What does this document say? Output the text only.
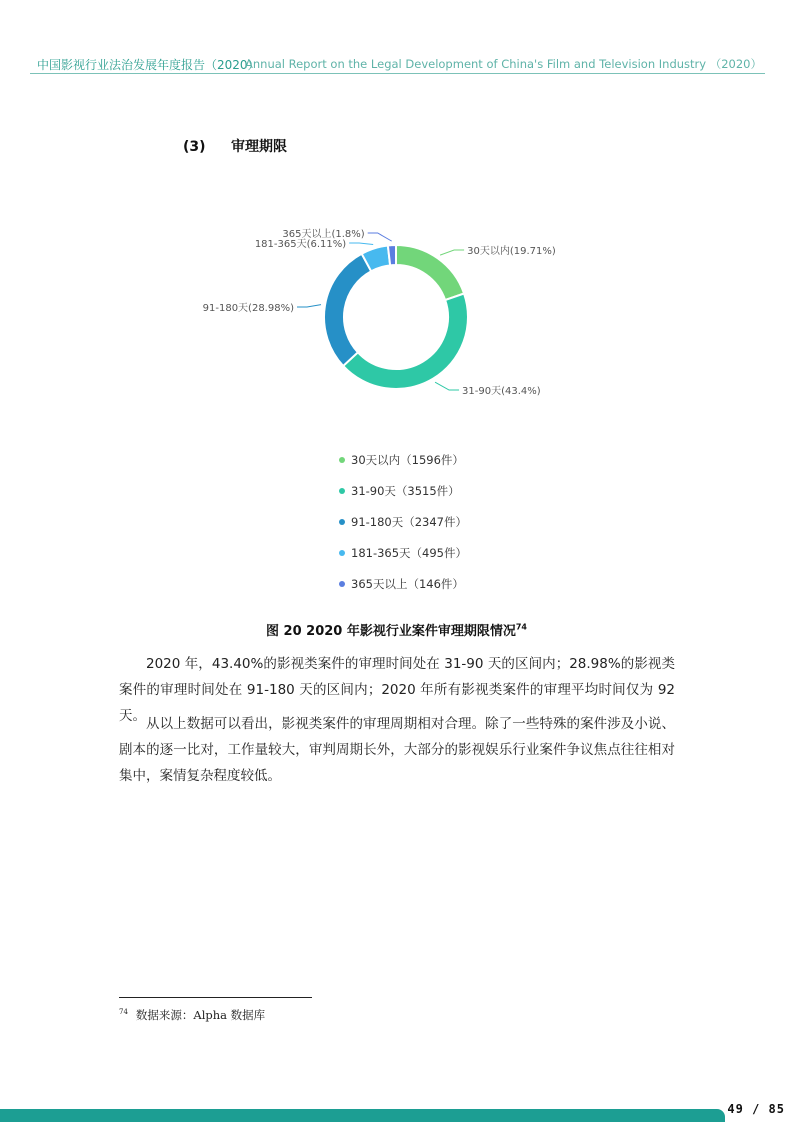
中国影视行业法治发展年度报告（2020）
Annual Report on the Legal Development of China's Film and Television Industry （2020）
(3) 审理期限
30天以内(19.71%)
31-90天(43.4%)
91-180天(28.98%)
181-365天(6.11%)
365天以上(1.8%)
30天以内（1596件）
31-90天（3515件）
91-180天（2347件）
181-365天（495件）
365天以上（146件）
图 20 2020 年影视行业案件审理期限情况$^{74}$
2020 年，43.40%的影视类案件的审理时间处在 31-90 天的区间内；28.98%的影视类案件的审理时间处在 91-180 天的区间内；2020 年所有影视类案件的审理平均时间仅为 92 天。 从以上数据可以看出，影视类案件的审理周期相对合理。除了一些特殊的案件涉及小说、剧本的逐一比对，工作量较大，审判周期长外，大部分的影视娱乐行业案件争议焦点往往相对集中，案情复杂程度较低。
$^{74}$ 数据来源：Alpha 数据库
49 / 85
